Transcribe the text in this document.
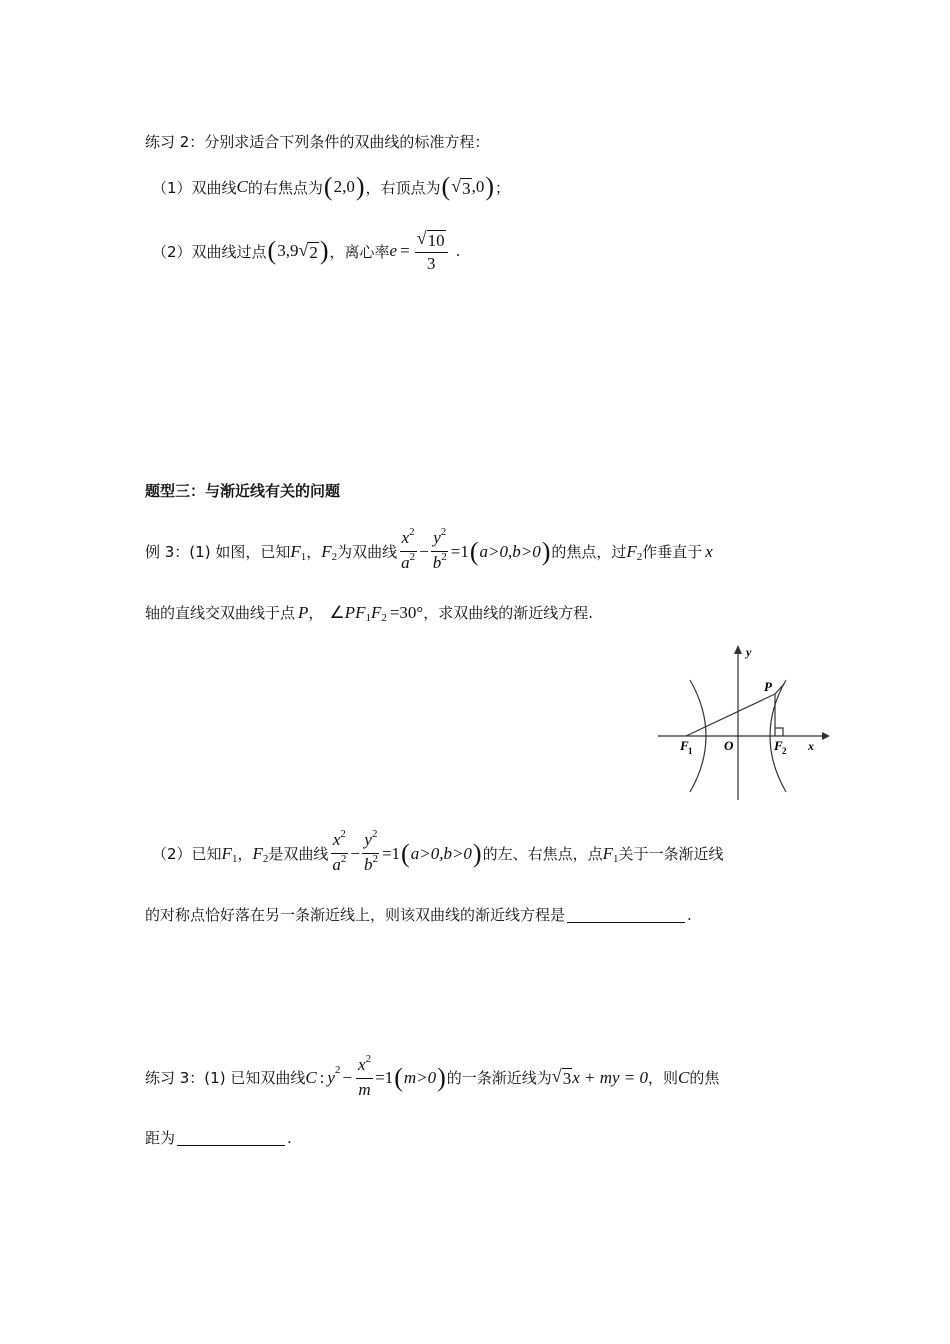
练习 2：分别求适合下列条件的双曲线的标准方程：
（1）双曲线 C 的右焦点为 ( 2,0 ) ，右顶点为 ( √ 3 ,0 ) ；
（2）双曲线过点 ( 3,9 √ 2 ) ，离心率 $e = \frac{√ 10}{3}$ .
题型三：与渐近线有关的问题
例 3：(1) 如图，已知 F 1 ， F 2 为双曲线 $\frac{x^2}{a^2} - \frac{y^2}{b^2} =1$ ( a>0,b>0 ) 的焦点，过 F 2 作垂直于 x
轴的直线交双曲线于点 P ， ∠ P F 1 F 2 =30° ，求双曲线的渐近线方程.
y
x
P
O
F 1	F 2
（2）已知 F 1 ， F 2 是双曲线 $\frac{x^2}{a^2} - \frac{y^2}{b^2} =1$ ( a>0,b>0 ) 的左、右焦点，点 F 1 关于一条渐近线
的对称点恰好落在另一条渐近线上，则该双曲线的渐近线方程是	.
练习 3：(1) 已知双曲线 C : y $2 - \frac{x^2}{m} =1$ ( m>0 ) 的一条渐近线为 √ 3 x + my = 0 ，则 C 的焦
距为	.
